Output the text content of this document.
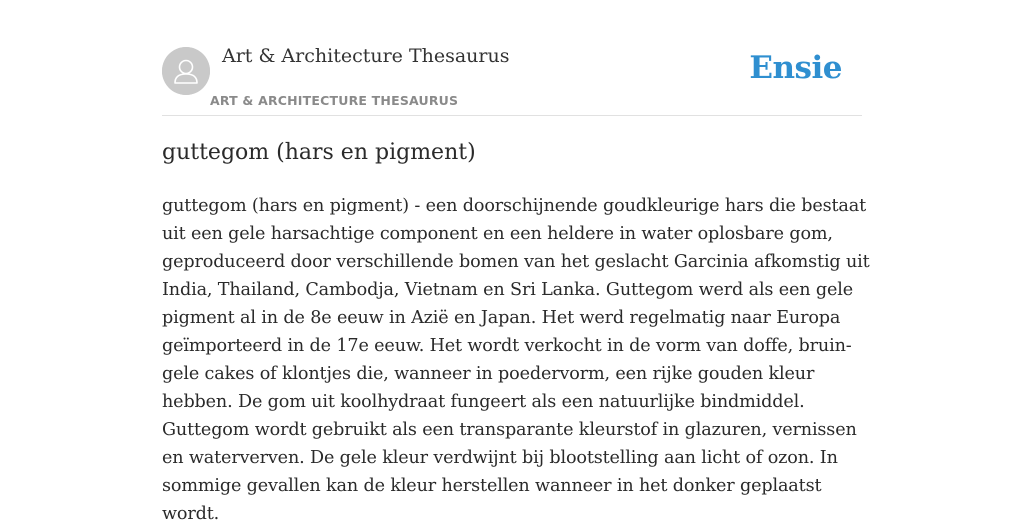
Art & Architecture Thesaurus
ART & ARCHITECTURE THESAURUS
Ensie
guttegom (hars en pigment)

guttegom (hars en pigment) - een doorschijnende goudkleurige hars die bestaat uit een gele harsachtige component en een heldere in water oplosbare gom, geproduceerd door verschillende bomen van het geslacht Garcinia afkomstig uit India, Thailand, Cambodja, Vietnam en Sri Lanka. Guttegom werd als een gele pigment al in de 8e eeuw in Azië en Japan. Het werd regelmatig naar Europa geïmporteerd in de 17e eeuw. Het wordt verkocht in de vorm van doffe, bruin-gele cakes of klontjes die, wanneer in poedervorm, een rijke gouden kleur hebben. De gom uit koolhydraat fungeert als een natuurlijke bindmiddel. Guttegom wordt gebruikt als een transparante kleurstof in glazuren, vernissen en waterverven. De gele kleur verdwijnt bij blootstelling aan licht of ozon. In sommige gevallen kan de kleur herstellen wanneer in het donker geplaatst wordt.
